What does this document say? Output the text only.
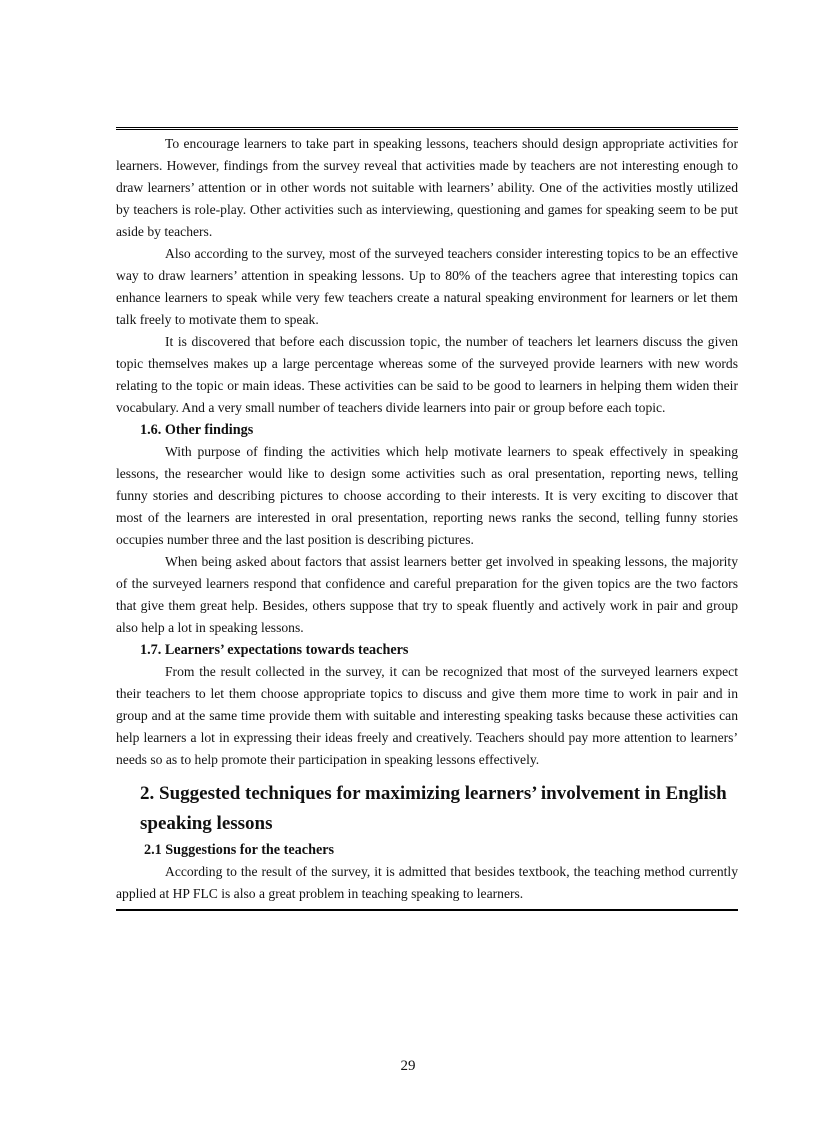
To encourage learners to take part in speaking lessons, teachers should design appropriate activities for learners. However, findings from the survey reveal that activities made by teachers are not interesting enough to draw learners’ attention or in other words not suitable with learners’ ability. One of the activities mostly utilized by teachers is role-play. Other activities such as interviewing, questioning and games for speaking seem to be put aside by teachers.

Also according to the survey, most of the surveyed teachers consider interesting topics to be an effective way to draw learners’ attention in speaking lessons. Up to 80% of the teachers agree that interesting topics can enhance learners to speak while very few teachers create a natural speaking environment for learners or let them talk freely to motivate them to speak.

It is discovered that before each discussion topic, the number of teachers let learners discuss the given topic themselves makes up a large percentage whereas some of the surveyed provide learners with new words relating to the topic or main ideas. These activities can be said to be good to learners in helping them widen their vocabulary. And a very small number of teachers divide learners into pair or group before each topic.

1.6. Other findings

With purpose of finding the activities which help motivate learners to speak effectively in speaking lessons, the researcher would like to design some activities such as oral presentation, reporting news, telling funny stories and describing pictures to choose according to their interests. It is very exciting to discover that most of the learners are interested in oral presentation, reporting news ranks the second, telling funny stories occupies number three and the last position is describing pictures.

When being asked about factors that assist learners better get involved in speaking lessons, the majority of the surveyed learners respond that confidence and careful preparation for the given topics are the two factors that give them great help. Besides, others suppose that try to speak fluently and actively work in pair and group also help a lot in speaking lessons.

1.7. Learners’ expectations towards teachers

From the result collected in the survey, it can be recognized that most of the surveyed learners expect their teachers to let them choose appropriate topics to discuss and give them more time to work in pair and in group and at the same time provide them with suitable and interesting speaking tasks because these activities can help learners a lot in expressing their ideas freely and creatively. Teachers should pay more attention to learners’ needs so as to help promote their participation in speaking lessons effectively.

2. Suggested techniques for maximizing learners’ involvement in English speaking lessons
2.1 Suggestions for the teachers

According to the result of the survey, it is admitted that besides textbook, the teaching method currently applied at HP FLC is also a great problem in teaching speaking to learners.

29
